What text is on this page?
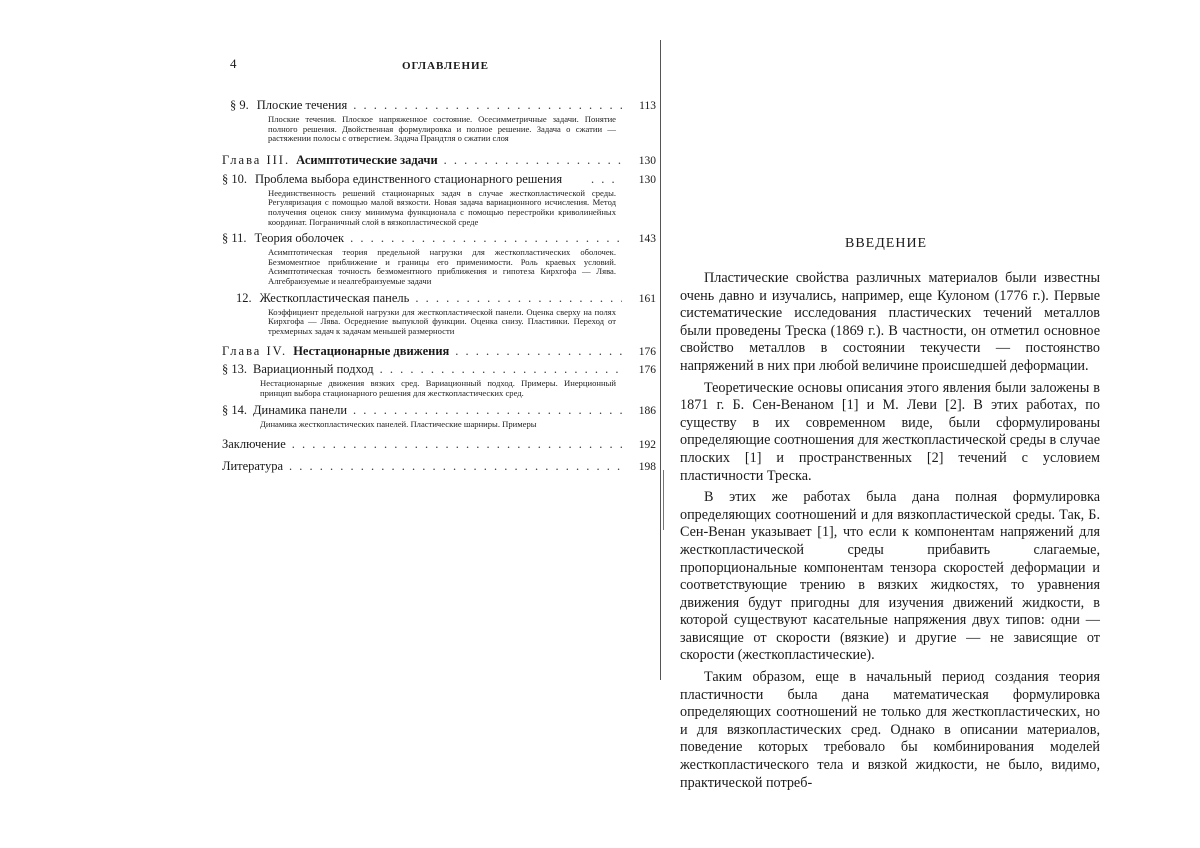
4	ОГЛАВЛЕНИЕ
§ 9. Плоские течения . . .	113
Плоские течения. Плоское напряженное состояние. Осесимметричные задачи. Понятие полного решения. Двойственная формулировка и полное решение. Задача о сжатии — растяжении полосы с отверстием. Задача Прандтля о сжатии слоя
Глава III. Асимптотические задачи . . .	130
§ 10. Проблема выбора единственного стационарного решения . . .	130
Неединственность решений стационарных задач в случае жесткопластической среды. Регуляризация с помощью малой вязкости. Новая задача вариационного исчисления. Метод получения оценок снизу минимума функционала с помощью перестройки криволинейных координат. Пограничный слой в вязкопластической среде
§ 11. Теория оболочек . . .	143
Асимптотическая теория предельной нагрузки для жесткопластических оболочек. Безмоментное приближение и границы его применимости. Роль краевых условий. Асимптотическая точность безмоментного приближения и гипотеза Кирхгофа — Лява. Алгебраизуемые и неалгебраизуемые задачи
12. Жесткопластическая панель . . .	161
Коэффициент предельной нагрузки для жесткопластической панели. Оценка сверху на полях Кирхгофа — Лява. Осреднение выпуклой функции. Оценка снизу. Пластинки. Переход от трехмерных задач к задачам меньшей размерности
Глава IV. Нестационарные движения . . .	176
§ 13. Вариационный подход . . .	176
Нестационарные движения вязких сред. Вариационный подход. Примеры. Инерционный принцип выбора стационарного решения для жесткопластических сред.
§ 14. Динамика панели . . .	186
Динамика жесткопластических панелей. Пластические шарниры. Примеры
Заключение . . .	192
Литература . . .	198
ВВЕДЕНИЕ

Пластические свойства различных материалов были известны очень давно и изучались, например, еще Кулоном (1776 г.). Первые систематические исследования пластических течений металлов были проведены Треска (1869 г.). В частности, он отметил основное свойство металлов в состоянии текучести — постоянство напряжений в них при любой величине происшедшей деформации.

Теоретические основы описания этого явления были заложены в 1871 г. Б. Сен-Венаном [1] и М. Леви [2]. В этих работах, по существу в их современном виде, были сформулированы определяющие соотношения для жесткопластической среды в случае плоских [1] и пространственных [2] течений с условием пластичности Треска.

В этих же работах была дана полная формулировка определяющих соотношений и для вязкопластической среды. Так, Б. Сен-Венан указывает [1], что если к компонентам напряжений для жесткопластической среды прибавить слагаемые, пропорциональные компонентам тензора скоростей деформации и соответствующие трению в вязких жидкостях, то уравнения движения будут пригодны для изучения движений жидкости, в которой существуют касательные напряжения двух типов: одни — зависящие от скорости (вязкие) и другие — не зависящие от скорости (жесткопластические).

Таким образом, еще в начальный период создания теория пластичности была дана математическая формулировка определяющих соотношений не только для жесткопластических, но и для вязкопластических сред. Однако в описании материалов, поведение которых требовало бы комбинирования моделей жесткопластического тела и вязкой жидкости, не было, видимо, практической потреб-
